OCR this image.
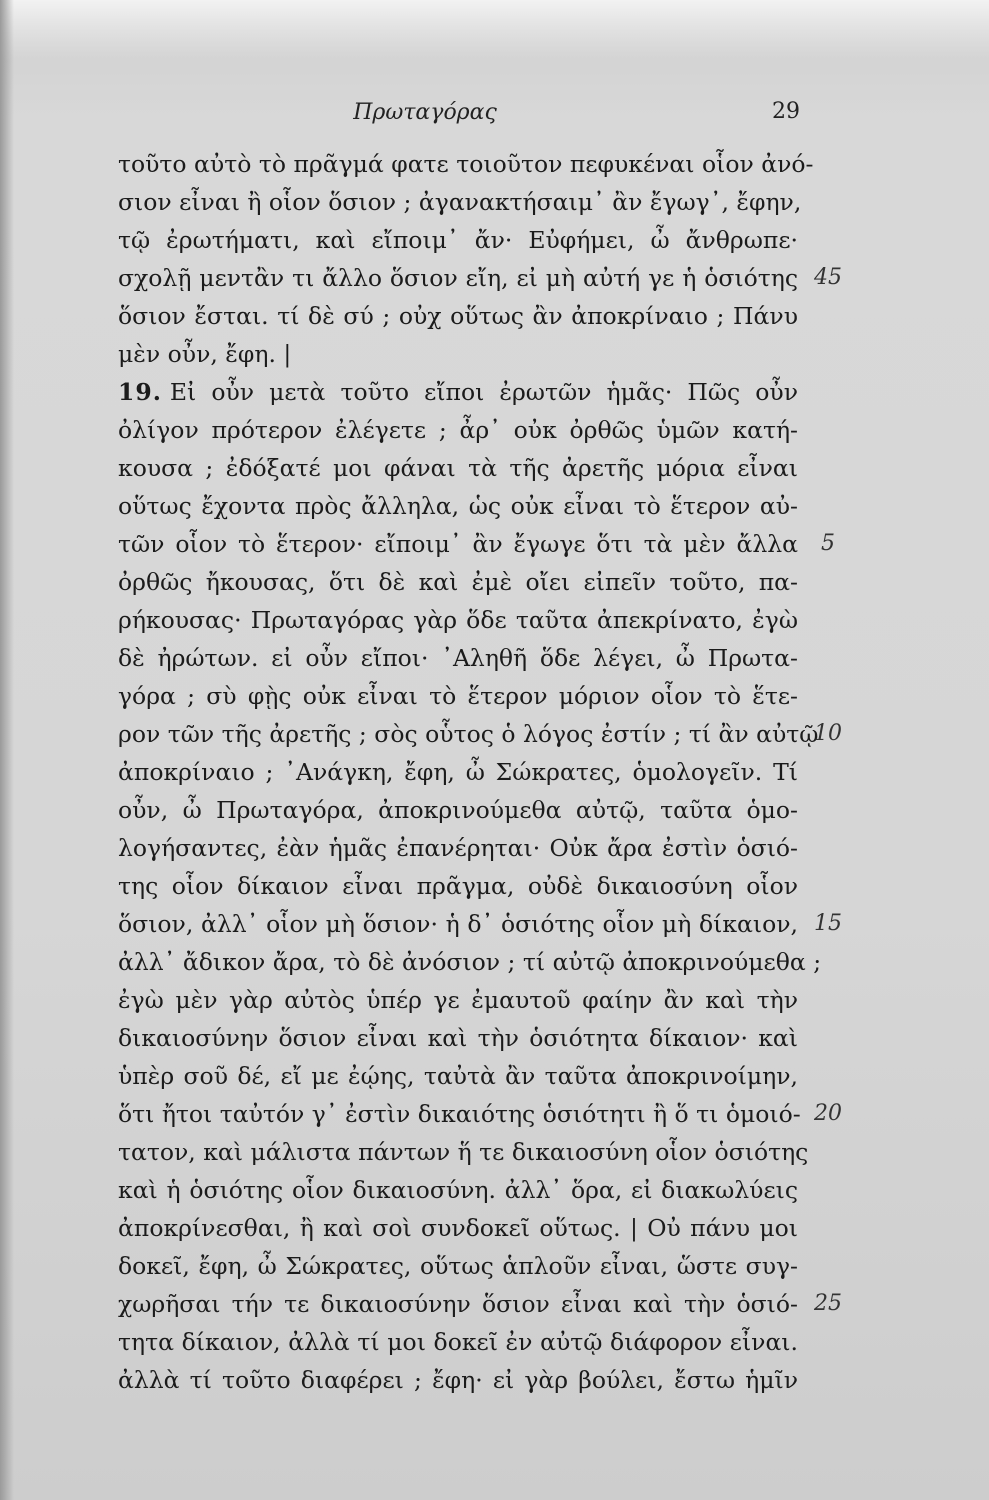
Πρωταγόρας	29
τοῦτο αὐτὸ τὸ πρᾶγμά φατε τοιοῦτον πεφυκέναι οἷον ἀνό-
σιον εἶναι ἢ οἷον ὅσιον ; ἀγανακτήσαιμ᾿ ἂν ἔγωγ᾿, ἔφην,
τῷ ἐρωτήματι, καὶ εἴποιμ᾿ ἄν· Εὐφήμει, ὦ ἄνθρωπε·
σχολῇ μεντἂν τι ἄλλο ὅσιον εἴη, εἰ μὴ αὐτή γε ἡ ὁσιότης
ὅσιον ἔσται. τί δὲ σύ ; οὐχ οὕτως ἂν ἀποκρίναιο ; Πάνυ
μὲν οὖν, ἔφη. |
19. Εἰ οὖν μετὰ τοῦτο εἴποι ἐρωτῶν ἡμᾶς· Πῶς οὖν
ὀλίγον πρότερον ἐλέγετε ; ἆρ᾿ οὐκ ὀρθῶς ὑμῶν κατή-
κουσα ; ἐδόξατέ μοι φάναι τὰ τῆς ἀρετῆς μόρια εἶναι
οὕτως ἔχοντα πρὸς ἄλληλα, ὡς οὐκ εἶναι τὸ ἕτερον αὐ-
τῶν οἷον τὸ ἕτερον· εἴποιμ᾿ ἂν ἔγωγε ὅτι τὰ μὲν ἄλλα
ὀρθῶς ἤκουσας, ὅτι δὲ καὶ ἐμὲ οἴει εἰπεῖν τοῦτο, πα-
ρήκουσας· Πρωταγόρας γὰρ ὅδε ταῦτα ἀπεκρίνατο, ἐγὼ
δὲ ἠρώτων. εἰ οὖν εἴποι· ᾿Αληθῆ ὅδε λέγει, ὦ Πρωτα-
γόρα ; σὺ φῂς οὐκ εἶναι τὸ ἕτερον μόριον οἷον τὸ ἕτε-
ρον τῶν τῆς ἀρετῆς ; σὸς οὗτος ὁ λόγος ἐστίν ; τί ἂν αὐτῷ
ἀποκρίναιο ; ᾿Ανάγκη, ἔφη, ὦ Σώκρατες, ὁμολογεῖν. Τί
οὖν, ὦ Πρωταγόρα, ἀποκρινούμεθα αὐτῷ, ταῦτα ὁμο-
λογήσαντες, ἐὰν ἡμᾶς ἐπανέρηται· Οὐκ ἄρα ἐστὶν ὁσιό-
της οἷον δίκαιον εἶναι πρᾶγμα, οὐδὲ δικαιοσύνη οἷον
ὅσιον, ἀλλ᾿ οἷον μὴ ὅσιον· ἡ δ᾿ ὁσιότης οἷον μὴ δίκαιον,
ἀλλ᾿ ἄδικον ἄρα, τὸ δὲ ἀνόσιον ; τί αὐτῷ ἀποκρινούμεθα ;
ἐγὼ μὲν γὰρ αὐτὸς ὑπέρ γε ἐμαυτοῦ φαίην ἂν καὶ τὴν
δικαιοσύνην ὅσιον εἶναι καὶ τὴν ὁσιότητα δίκαιον· καὶ
ὑπὲρ σοῦ δέ, εἴ με ἐῴης, ταὐτὰ ἂν ταῦτα ἀποκρινοίμην,
ὅτι ἤτοι ταὐτόν γ᾿ ἐστὶν δικαιότης ὁσιότητι ἢ ὅ τι ὁμοιό-
τατον, καὶ μάλιστα πάντων ἥ τε δικαιοσύνη οἷον ὁσιότης
καὶ ἡ ὁσιότης οἷον δικαιοσύνη. ἀλλ᾿ ὅρα, εἰ διακωλύεις
ἀποκρίνεσθαι, ἢ καὶ σοὶ συνδοκεῖ οὕτως. | Οὐ πάνυ μοι
δοκεῖ, ἔφη, ὦ Σώκρατες, οὕτως ἁπλοῦν εἶναι, ὥστε συγ-
χωρῆσαι τήν τε δικαιοσύνην ὅσιον εἶναι καὶ τὴν ὁσιό-
τητα δίκαιον, ἀλλὰ τί μοι δοκεῖ ἐν αὐτῷ διάφορον εἶναι.
ἀλλὰ τί τοῦτο διαφέρει ; ἔφη· εἰ γὰρ βούλει, ἔστω ἡμῖν
45
5
10
15
20
25
